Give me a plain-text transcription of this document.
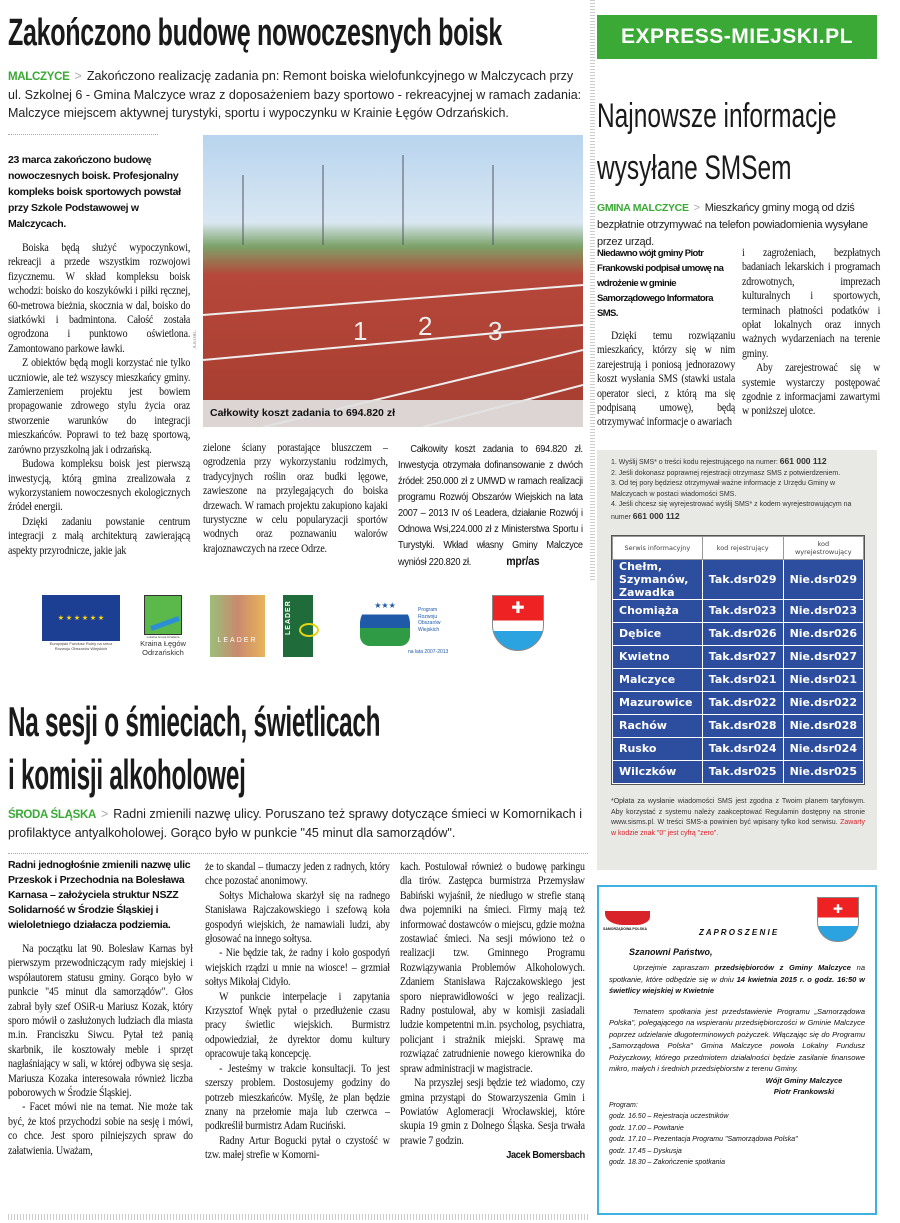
Zakończono budowę nowoczesnych boisk
MALCZYCE > Zakończono realizację zadania pn: Remont boiska wielofunkcyjnego w Malczycach przy ul. Szkolnej 6 - Gmina Malczyce wraz z doposażeniem bazy sportowo - rekreacyjnej w ramach zadania: Malczyce miejscem aktywnej turystyki, sportu i wypoczynku w Krainie Łęgów Odrzańskich.
1 2 3
Całkowity koszt zadania to 694.820 zł
A.KORC
23 marca zakończono budowę nowoczesnych boisk. Profesjonalny kompleks boisk sportowych powstał przy Szkole Podstawowej w Malczycach.

Boiska będą służyć wypoczynkowi, rekreacji a przede wszystkim rozwojowi fizycznemu. W skład kompleksu boisk wchodzi: boisko do koszykówki i piłki ręcznej, 60-metrowa bieżnia, skocznia w dal, boisko do siatkówki i badmintona. Całość została ogrodzona i punktowo oświetlona. Zamontowano parkowe ławki.

Z obiektów będą mogli korzystać nie tylko uczniowie, ale też wszyscy mieszkańcy gminy. Zamierzeniem projektu jest bowiem propagowanie zdrowego stylu życia oraz stworzenie warunków do integracji mieszkańców. Poprawi to też bazę sportową, zarówno przyszkolną jak i odrzańską.

Budowa kompleksu boisk jest pierwszą inwestycją, którą gmina zrealizowała z wykorzystaniem nowoczesnych ekologicznych źródeł energii.

Dzięki zadaniu powstanie centrum integracji z małą architekturą zawierającą aspekty przyrodnicze, jakie jak

zielone ściany porastające bluszczem – ogrodzenia przy wykorzystaniu rodzimych, tradycyjnych roślin oraz budki lęgowe, zawieszone na przylegających do boiska drzewach. W ramach projektu zakupiono kajaki turystyczne w celu popularyzacji sportów wodnych oraz poznawaniu walorów krajoznawczych na rzece Odrze.
Całkowity koszt zadania to 694.820 zł. Inwestycja otrzymała dofinansowanie z dwóch źródeł: 250.000 zł z UMWD w ramach realizacji programu Rozwój Obszarów Wiejskich na lata 2007 – 2013 IV oś Leadera, działanie Rozwój i Odnowa Wsi,224.000 zł z Ministerstwa Sportu i Turystyki. Wkład własny Gminy Malczyce wyniósł 220.820 zł.	mpr/as
★ ★ ★ ★ ★ ★
Europejski Fundusz Rolny na rzecz Rozwoju Obszarów Wiejskich
Lokalna Grupa Działania
Kraina Łęgów Odrzańskich
LEADER
LEADER	★★★	Program Rozwoju Obszarów Wiejskich
na lata 2007-2013
✚
Na sesji o śmieciach, świetlicach
i komisji alkoholowej
ŚRODA ŚLĄSKA > Radni zmienili nazwę ulicy. Poruszano też sprawy dotyczące śmieci w Komornikach i profilaktyce antyalkoholowej. Gorąco było w punkcie "45 minut dla samorządów".
Radni jednogłośnie zmienili nazwę ulic Przeskok i Przechodnia na Bolesława Karnasa – założyciela struktur NSZZ Solidarność w Środzie Śląskiej i wieloletniego działacza podziemia.

Na początku lat 90. Bolesław Karnas był pierwszym przewodniczącym rady miejskiej i współautorem statusu gminy. Gorąco było w punkcie "45 minut dla samorządów". Głos zabrał były szef OSiR-u Mariusz Kozak, który sporo mówił o zasłużonych ludziach dla miasta m.in. Franciszku Siwcu. Pytał też panią skarbnik, ile kosztowały meble i sprzęt nagłaśniający w sali, w której odbywa się sesja. Mariusza Kozaka interesowała również liczba poborowych w Środzie Śląskiej.

- Facet mówi nie na temat. Nie może tak być, że ktoś przychodzi sobie na sesję i mówi, co chce. Jest sporo pilniejszych spraw do załatwienia. Uważam,

że to skandal – tłumaczy jeden z radnych, który chce pozostać anonimowy.

Sołtys Michałowa skarżył się na radnego Stanisława Rajczakowskiego i szefową koła gospodyń wiejskich, że namawiali ludzi, aby głosować na innego sołtysa.

- Nie będzie tak, że radny i koło gospodyń wiejskich rządzi u mnie na wiosce! – grzmiał sołtys Mikołaj Cidyło.

W punkcie interpelacje i zapytania Krzysztof Wnęk pytał o przedłużenie czasu pracy świetlic wiejskich. Burmistrz odpowiedział, że dyrektor domu kultury opracowuje taką koncepcję.

- Jesteśmy w trakcie konsultacji. To jest szerszy problem. Dostosujemy godziny do potrzeb mieszkańców. Myślę, że plan będzie znany na przełomie maja lub czerwca – podkreślił burmistrz Adam Ruciński.

Radny Artur Bogucki pytał o czystość w tzw. małej strefie w Komorni-

kach. Postulował również o budowę parkingu dla tirów. Zastępca burmistrza Przemysław Babiński wyjaśnił, że niedługo w strefie staną dwa pojemniki na śmieci. Firmy mają też informować dostawców o miejscu, gdzie można zostawiać śmieci. Na sesji mówiono też o realizacji tzw. Gminnego Programu Rozwiązywania Problemów Alkoholowych. Zdaniem Stanisława Rajczakowskiego jest sporo nieprawidłowości w jego realizacji. Radny postulował, aby w komisji zasiadali ludzie kompetentni m.in. psycholog, psychiatra, policjant i strażnik miejski. Sprawę ma rozwiązać zatrudnienie nowego kierownika do spraw administracji w magistracie.

Na przyszłej sesji będzie też wiadomo, czy gmina przystąpi do Stowarzyszenia Gmin i Powiatów Aglomeracji Wrocławskiej, które skupia 19 gmin z Dolnego Śląska. Sesja trwała prawie 7 godzin.

Jacek Bomersbach
EXPRESS-MIEJSKI.PL
Najnowsze informacje
wysyłane SMSem
GMINA MALCZYCE > Mieszkańcy gminy mogą od dziś bezpłatnie otrzymywać na telefon powiadomienia wysyłane przez urząd.
Niedawno wójt gminy Piotr Frankowski podpisał umowę na wdrożenie w gminie Samorządowego Informatora SMS.

Dzięki temu rozwiązaniu mieszkańcy, którzy się w nim zarejestrują i poniosą jednorazowy koszt wysłania SMS (stawki ustala operator sieci, z którą ma się podpisaną umowę), będą otrzymywać informacje o awariach

i zagrożeniach, bezpłatnych badaniach lekarskich i programach zdrowotnych, imprezach kulturalnych i sportowych, terminach płatności podatków i opłat lokalnych oraz innych ważnych wydarzeniach na terenie gminy.

Aby zarejestrować się w systemie wystarczy postępować zgodnie z informacjami zawartymi w poniższej ulotce.

1. Wyślij SMS* o treści kodu rejestrującego na numer: 661 000 112
2. Jeśli dokonasz poprawnej rejestracji otrzymasz SMS z potwierdzeniem.
3. Od tej pory będziesz otrzymywał ważne informacje z Urzędu Gminy w Malczycach w postaci wiadomości SMS.
4. Jeśli chcesz się wyrejestrować wyślij SMS* z kodem wyrejestrowującym na numer 661 000 112
Serwis informacyjny	kod rejestrujący	kod wyrejestrowujący
Chełm, Szymanów, Zawadka	Tak.dsr029	Nie.dsr029
Chomiąża	Tak.dsr023	Nie.dsr023
Dębice	Tak.dsr026	Nie.dsr026
Kwietno	Tak.dsr027	Nie.dsr027
Malczyce	Tak.dsr021	Nie.dsr021
Mazurowice	Tak.dsr022	Nie.dsr022
Rachów	Tak.dsr028	Nie.dsr028
Rusko	Tak.dsr024	Nie.dsr024
Wilczków	Tak.dsr025	Nie.dsr025
*Opłata za wysłanie wiadomości SMS jest zgodna z Twoim planem taryfowym. Aby korzystać z systemu należy zaakceptować Regulamin dostępny na stronie www.sisms.pl. W treści SMS-a powinien być wpisany tylko kod serwisu. Zawarty w kodzie znak "0" jest cyfrą "zero".
SAMORZĄDOWA POLSKA
✚
Z A P R O S Z E N I E
Szanowni Państwo,
Uprzejmie zapraszam przedsiębiorców z Gminy Malczyce na spotkanie, które odbędzie się w dniu 14 kwietnia 2015 r. o godz. 16:50 w świetlicy wiejskiej w Kwietnie
Tematem spotkania jest przedstawienie Programu „Samorządowa Polska", polegającego na wspieraniu przedsiębiorczości w Gminie Malczyce poprzez udzielanie długoterminowych pożyczek. Włączając się do Programu „Samorządowa Polska" Gmina Malczyce powoła Lokalny Fundusz Pożyczkowy, którego przedmiotem działalności będzie zasilanie finansowe mikro, małych i średnich przedsiębiorstw z terenu Gminy.
Wójt Gminy Malczyce
Piotr Frankowski
Program:
godz. 16.50 – Rejestracja uczestników
godz. 17.00 – Powitanie
godz. 17.10 – Prezentacja Programu "Samorządowa Polska"
godz. 17.45 – Dyskusja
godz. 18.30 – Zakończenie spotkania
